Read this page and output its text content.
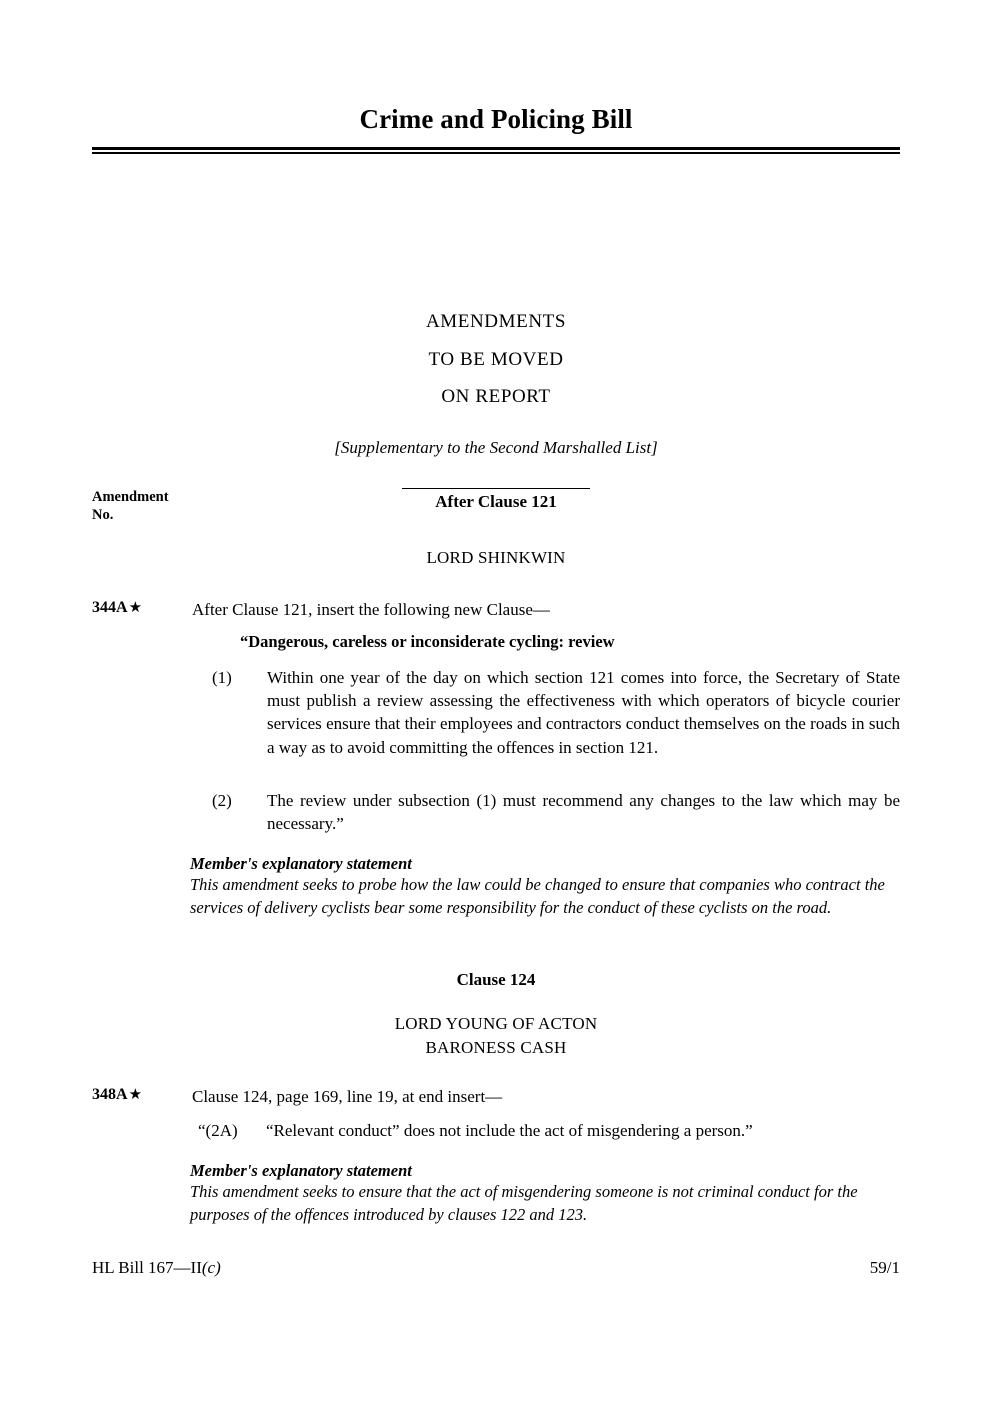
Crime and Policing Bill
AMENDMENTS
TO BE MOVED
ON REPORT
[Supplementary to the Second Marshalled List]
Amendment
No.
After Clause 121
LORD SHINKWIN
344A★	After Clause 121, insert the following new Clause—
“Dangerous, careless or inconsiderate cycling: review
(1)	Within one year of the day on which section 121 comes into force, the Secretary of State must publish a review assessing the effectiveness with which operators of bicycle courier services ensure that their employees and contractors conduct themselves on the roads in such a way as to avoid committing the offences in section 121.
(2)	The review under subsection (1) must recommend any changes to the law which may be necessary.”
Member's explanatory statement
This amendment seeks to probe how the law could be changed to ensure that companies who contract the services of delivery cyclists bear some responsibility for the conduct of these cyclists on the road.
Clause 124
LORD YOUNG OF ACTON
BARONESS CASH
348A★	Clause 124, page 169, line 19, at end insert—
“(2A) “Relevant conduct” does not include the act of misgendering a person.”
Member's explanatory statement
This amendment seeks to ensure that the act of misgendering someone is not criminal conduct for the purposes of the offences introduced by clauses 122 and 123.
HL Bill 167—II(c)	59/1
